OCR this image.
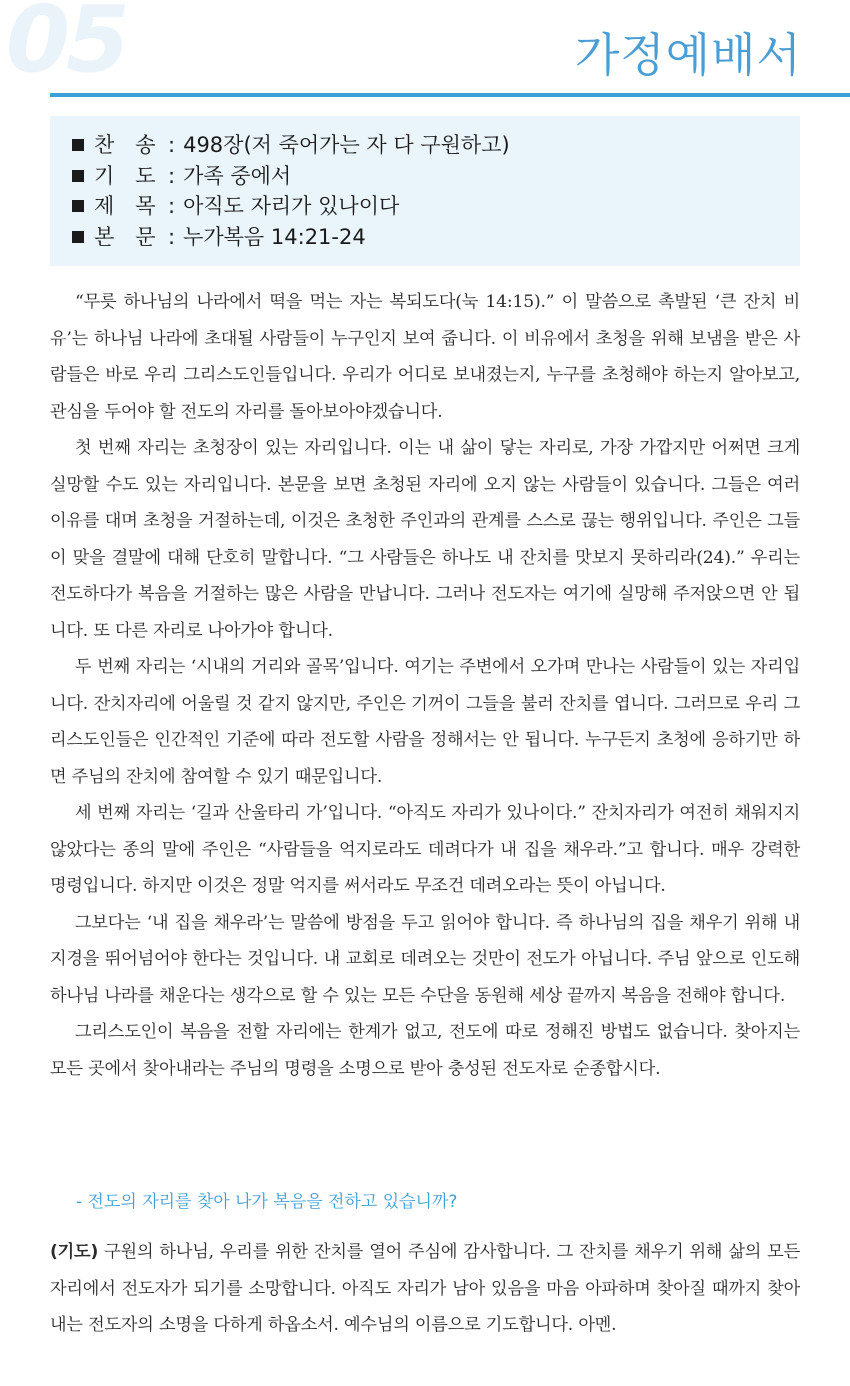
05	가정예배서
찬　송 : 498장(저 죽어가는 자 다 구원하고)
기　도 : 가족 중에서
제　목 : 아직도 자리가 있나이다
본　문 : 누가복음 14:21-24

“무릇 하나님의 나라에서 떡을 먹는 자는 복되도다(눅 14:15).” 이 말씀으로 촉발된 ‘큰 잔치 비유’는 하나님 나라에 초대될 사람들이 누구인지 보여 줍니다. 이 비유에서 초청을 위해 보냄을 받은 사람들은 바로 우리 그리스도인들입니다. 우리가 어디로 보내졌는지, 누구를 초청해야 하는지 알아보고, 관심을 두어야 할 전도의 자리를 돌아보아야겠습니다.

첫 번째 자리는 초청장이 있는 자리입니다. 이는 내 삶이 닿는 자리로, 가장 가깝지만 어쩌면 크게 실망할 수도 있는 자리입니다. 본문을 보면 초청된 자리에 오지 않는 사람들이 있습니다. 그들은 여러 이유를 대며 초청을 거절하는데, 이것은 초청한 주인과의 관계를 스스로 끊는 행위입니다. 주인은 그들이 맞을 결말에 대해 단호히 말합니다. “그 사람들은 하나도 내 잔치를 맛보지 못하리라(24).” 우리는 전도하다가 복음을 거절하는 많은 사람을 만납니다. 그러나 전도자는 여기에 실망해 주저앉으면 안 됩니다. 또 다른 자리로 나아가야 합니다.

두 번째 자리는 ‘시내의 거리와 골목’입니다. 여기는 주변에서 오가며 만나는 사람들이 있는 자리입니다. 잔치자리에 어울릴 것 같지 않지만, 주인은 기꺼이 그들을 불러 잔치를 엽니다. 그러므로 우리 그리스도인들은 인간적인 기준에 따라 전도할 사람을 정해서는 안 됩니다. 누구든지 초청에 응하기만 하면 주님의 잔치에 참여할 수 있기 때문입니다.

세 번째 자리는 ‘길과 산울타리 가’입니다. “아직도 자리가 있나이다.” 잔치자리가 여전히 채워지지 않았다는 종의 말에 주인은 “사람들을 억지로라도 데려다가 내 집을 채우라.”고 합니다. 매우 강력한 명령입니다. 하지만 이것은 정말 억지를 써서라도 무조건 데려오라는 뜻이 아닙니다.

그보다는 ‘내 집을 채우라’는 말씀에 방점을 두고 읽어야 합니다. 즉 하나님의 집을 채우기 위해 내 지경을 뛰어넘어야 한다는 것입니다. 내 교회로 데려오는 것만이 전도가 아닙니다. 주님 앞으로 인도해 하나님 나라를 채운다는 생각으로 할 수 있는 모든 수단을 동원해 세상 끝까지 복음을 전해야 합니다.

그리스도인이 복음을 전할 자리에는 한계가 없고, 전도에 따로 정해진 방법도 없습니다. 찾아지는 모든 곳에서 찾아내라는 주님의 명령을 소명으로 받아 충성된 전도자로 순종합시다.

- 전도의 자리를 찾아 나가 복음을 전하고 있습니까?
(기도) 구원의 하나님, 우리를 위한 잔치를 열어 주심에 감사합니다. 그 잔치를 채우기 위해 삶의 모든 자리에서 전도자가 되기를 소망합니다. 아직도 자리가 남아 있음을 마음 아파하며 찾아질 때까지 찾아내는 전도자의 소명을 다하게 하옵소서. 예수님의 이름으로 기도합니다. 아멘.
